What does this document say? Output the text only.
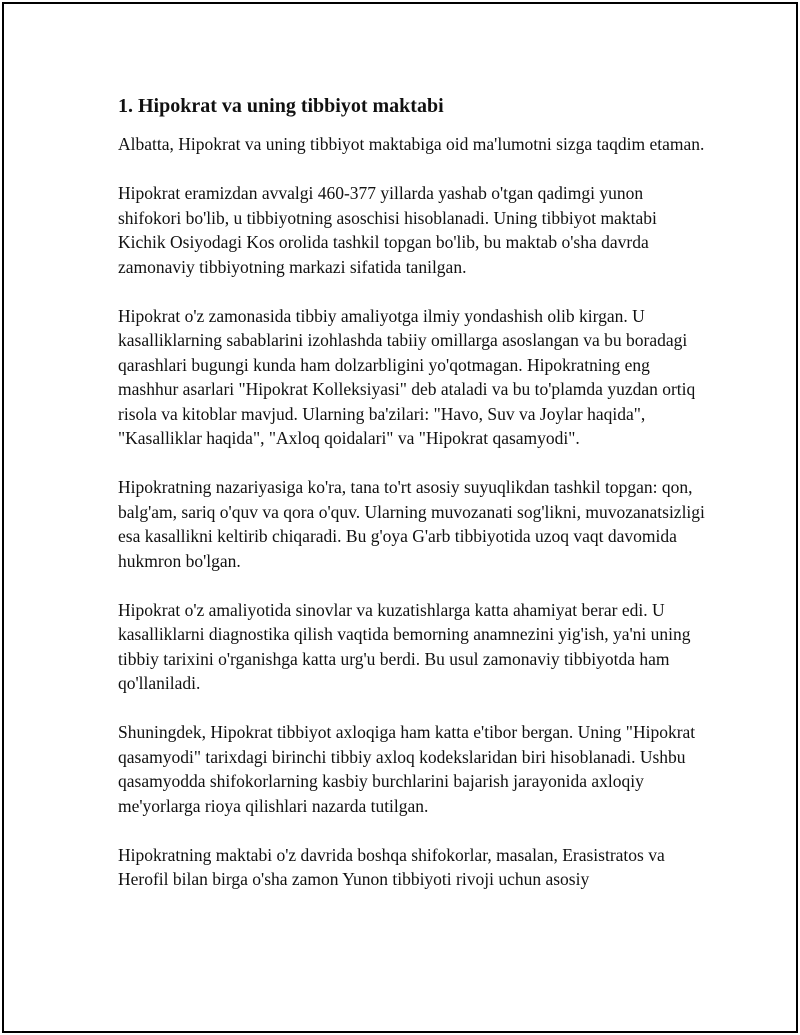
1. Hipokrat va uning tibbiyot maktabi

Albatta, Hipokrat va uning tibbiyot maktabiga oid ma'lumotni sizga taqdim etaman.

Hipokrat eramizdan avvalgi 460-377 yillarda yashab o'tgan qadimgi yunon shifokori bo'lib, u tibbiyotning asoschisi hisoblanadi. Uning tibbiyot maktabi Kichik Osiyodagi Kos orolida tashkil topgan bo'lib, bu maktab o'sha davrda zamonaviy tibbiyotning markazi sifatida tanilgan.

Hipokrat o'z zamonasida tibbiy amaliyotga ilmiy yondashish olib kirgan. U kasalliklarning sabablarini izohlashda tabiiy omillarga asoslangan va bu boradagi qarashlari bugungi kunda ham dolzarbligini yo'qotmagan. Hipokratning eng mashhur asarlari "Hipokrat Kolleksiyasi" deb ataladi va bu to'plamda yuzdan ortiq risola va kitoblar mavjud. Ularning ba'zilari: "Havo, Suv va Joylar haqida", "Kasalliklar haqida", "Axloq qoidalari" va "Hipokrat qasamyodi".

Hipokratning nazariyasiga ko'ra, tana to'rt asosiy suyuqlikdan tashkil topgan: qon, balg'am, sariq o'quv va qora o'quv. Ularning muvozanati sog'likni, muvozanatsizligi esa kasallikni keltirib chiqaradi. Bu g'oya G'arb tibbiyotida uzoq vaqt davomida hukmron bo'lgan.

Hipokrat o'z amaliyotida sinovlar va kuzatishlarga katta ahamiyat berar edi. U kasalliklarni diagnostika qilish vaqtida bemorning anamnezini yig'ish, ya'ni uning tibbiy tarixini o'rganishga katta urg'u berdi. Bu usul zamonaviy tibbiyotda ham qo'llaniladi.

Shuningdek, Hipokrat tibbiyot axloqiga ham katta e'tibor bergan. Uning "Hipokrat qasamyodi" tarixdagi birinchi tibbiy axloq kodekslaridan biri hisoblanadi. Ushbu qasamyodda shifokorlarning kasbiy burchlarini bajarish jarayonida axloqiy me'yorlarga rioya qilishlari nazarda tutilgan.

Hipokratning maktabi o'z davrida boshqa shifokorlar, masalan, Erasistratos va Herofil bilan birga o'sha zamon Yunon tibbiyoti rivoji uchun asosiy
